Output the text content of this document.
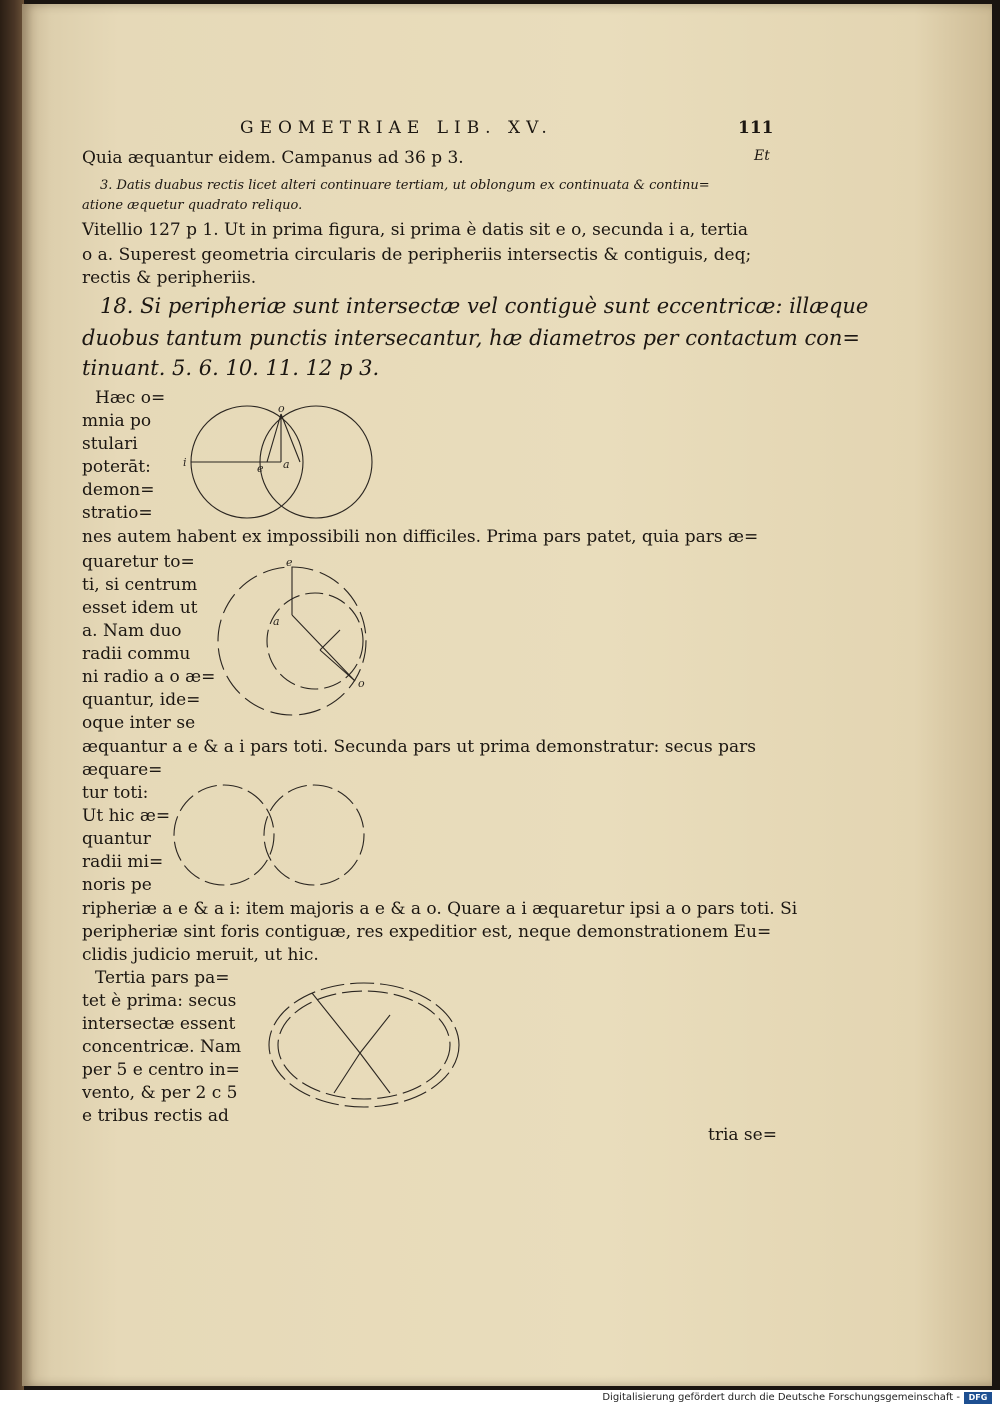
GEOMETRIAE LIB. XV.	111
Quia æquantur eidem. Campanus ad 36 p 3.	Et
3. Datis duabus rectis licet alteri continuare tertiam, ut oblongum ex continuata & continu=
atione æquetur quadrato reliquo.
Vitellio 127 p 1. Ut in prima figura, si prima è datis sit e o, secunda i a, tertia
o a. Superest geometria circularis de peripheriis intersectis & contiguis, deq;
rectis & peripheriis.
18. Si peripheriæ sunt intersectæ vel contiguè sunt eccentricæ: illæque
duobus tantum punctis intersecantur, hæ diametros per contactum con=
tinuant. 5. 6. 10. 11. 12 p 3.
Hæc o=
mnia po
stulari
poterāt:
demon=
stratio=
nes autem habent ex impossibili non difficiles. Prima pars patet, quia pars æ=
o
i	e a
quaretur to=
ti, si centrum
esset idem ut
a. Nam duo
radii commu
ni radio a o æ=
quantur, ide=
oque inter se
æquantur a e & a i pars toti. Secunda pars ut prima demonstratur: secus pars
e
a
o
æquare=
tur toti:
Ut hic æ=
quantur
radii mi=
noris pe
ripheriæ a e & a i: item majoris a e & a o. Quare a i æquaretur ipsi a o pars toti. Si
peripheriæ sint foris contiguæ, res expeditior est, neque demonstrationem Eu=
clidis judicio meruit, ut hic.
Tertia pars pa=
tet è prima: secus
intersectæ essent
concentricæ. Nam
per 5 e centro in=
vento, & per 2 c 5
e tribus rectis ad
tria se=
Digitalisierung gefördert durch die Deutsche Forschungsgemeinschaft -	DFG
